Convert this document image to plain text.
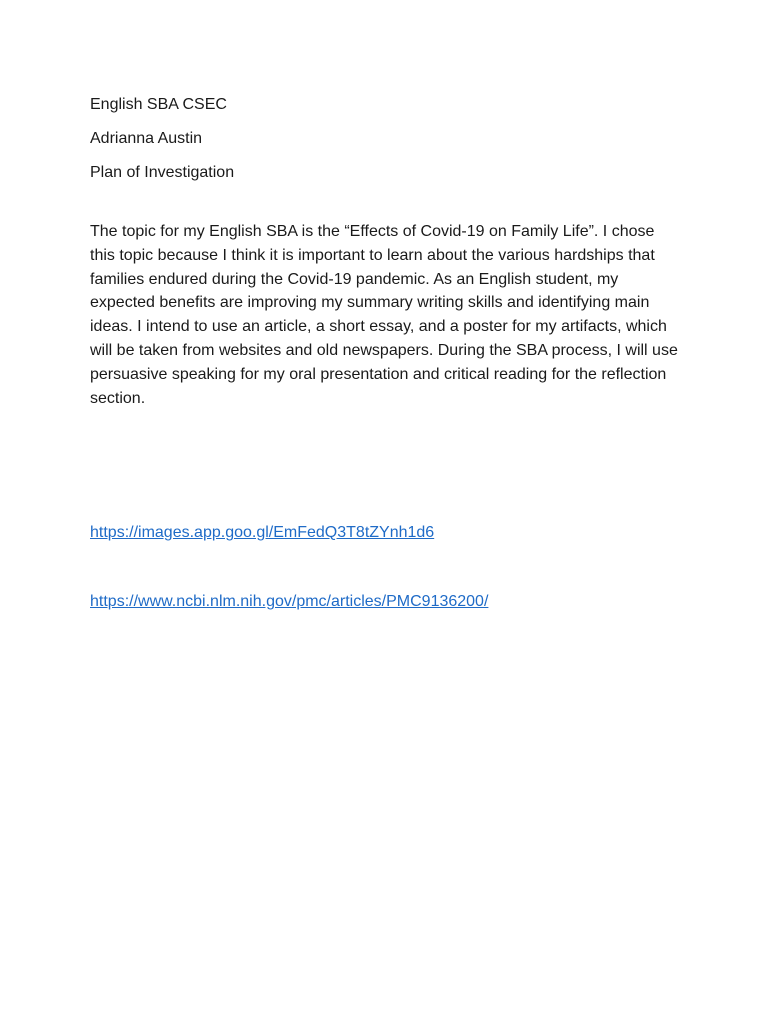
English SBA CSEC

Adrianna Austin

Plan of Investigation

The topic for my English SBA is the “Effects of Covid-19 on Family Life”. I chose this topic because I think it is important to learn about the various hardships that families endured during the Covid-19 pandemic. As an English student, my expected benefits are improving my summary writing skills and identifying main ideas. I intend to use an article, a short essay, and a poster for my artifacts, which will be taken from websites and old newspapers. During the SBA process, I will use persuasive speaking for my oral presentation and critical reading for the reflection section.

https://images.app.goo.gl/EmFedQ3T8tZYnh1d6
https://www.ncbi.nlm.nih.gov/pmc/articles/PMC9136200/
